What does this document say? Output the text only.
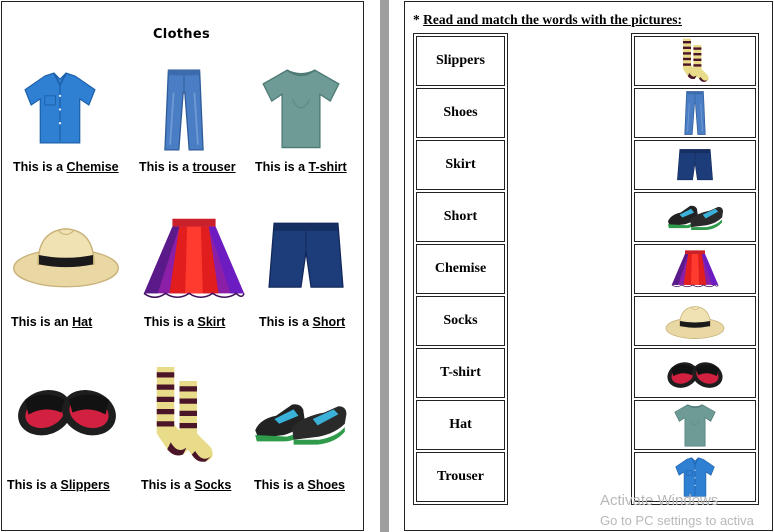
Clothes
This is a Chemise This is a trouser This is a T-shirt
This is an Hat	This is a Skirt	This is a Short
This is a Slippers This is a Socks This is a Shoes
* Read and match the words with the pictures:
Slippers
Shoes
Skirt
Short
Chemise
Socks
T-shirt
Hat
Trouser
Activate Windows
Go to PC settings to activa
